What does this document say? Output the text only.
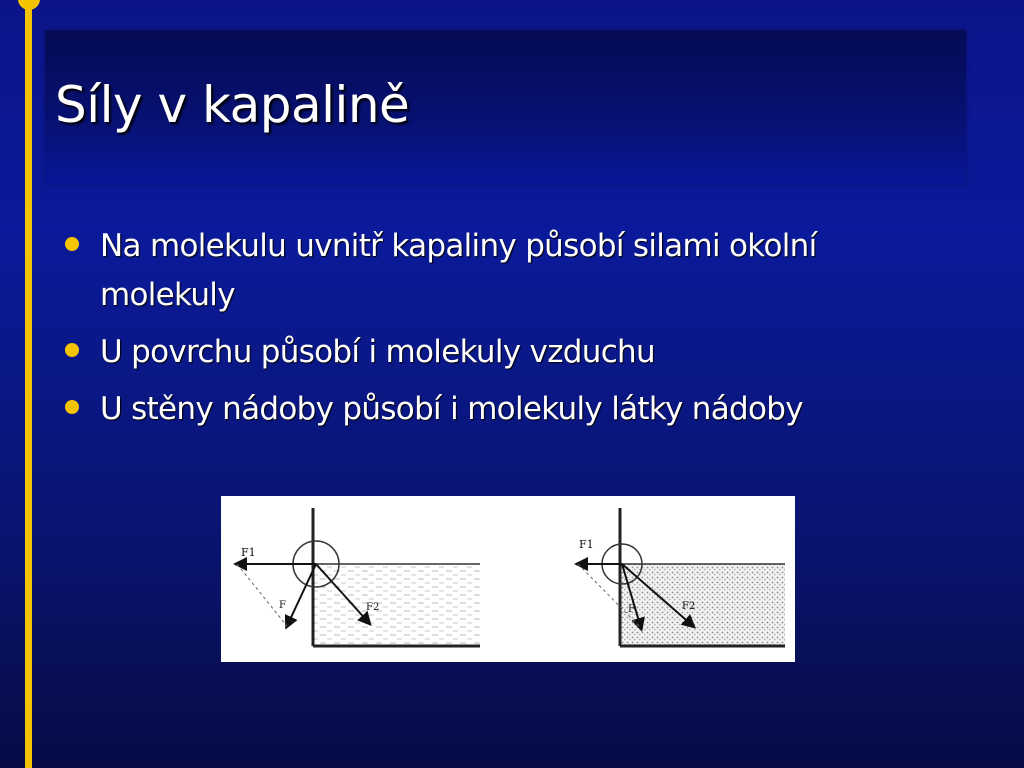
Síly v kapalině
Na molekulu uvnitř kapaliny působí silami okolní molekuly
U povrchu působí i molekuly vzduchu
U stěny nádoby působí i molekuly látky nádoby
F1
F	F2
F1
F	F2
